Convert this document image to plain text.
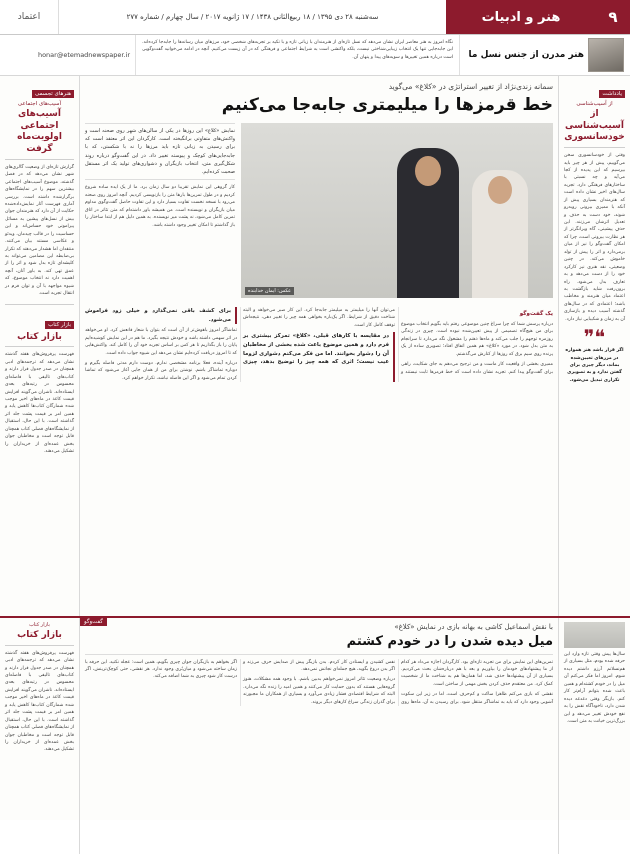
۹
هنر و ادبیات
سه‌شنبه ۲۸ دی ۱۳۹۵ / ۱۸ ربیع‌الثانی ۱۴۳۸ / ۱۷ ژانویه ۲۰۱۷ / سال چهارم / شماره ۲۷۷
اعتماد
هنر مدرن از جنس نسل ما
نگاه امروز به هنر معاصر ایران نشان می‌دهد که نسل تازه‌ای از هنرمندان با زبانی تازه و با تکیه بر تجربه‌های شخصی خود، مرزهای میان رسانه‌ها را جابه‌جا کرده‌اند. این جابه‌جایی تنها یک انتخاب زیبایی‌شناختی نیست، بلکه واکنشی است به شرایط اجتماعی و فرهنگی که در آن زیست می‌کنیم. آنچه در ادامه می‌خوانید گفت‌وگویی است درباره همین تغییرها و سویه‌های پیدا و پنهان آن.
honar@etemadnewspaper.ir
یادداشت
از آسیب‌شناسی
از آسیب‌شناسی خودسانسوری
وقتی از خودسانسوری سخن می‌گوییم، پیش از هر چیز باید بپرسیم که این پدیده از کجا می‌آید و چه نسبتی با ساختارهای فرهنگی دارد. تجربه سال‌های اخیر نشان داده است که هنرمندان بسیاری پیش از آنکه با ممیزی بیرونی روبه‌رو شوند، خود دست به حذف و تعدیل اثرشان می‌زنند. این حذفِ پیشینی، گاه ویرانگرتر از هر نظارت بیرونی است، چرا که امکان گفت‌وگو را نیز از میان برمی‌دارد و اثر را پیش از تولد خاموش می‌کند. در چنین وضعیتی، نقد هنری نیز کارکرد خود را از دست می‌دهد و به تعارف بدل می‌شود. راه برون‌رفت شاید بازگشت به اعتماد میان هنرمند و مخاطب باشد؛ اعتمادی که در سال‌های گذشته آسیب دیده و بازسازی آن به زمان و شکیبایی نیاز دارد.
❝❞
اگر قرار باشد هنر همواره در مرزهای تعیین‌شده بماند، دیگر چیزی برای گفتن ندارد و به تصویری تکراری تبدیل می‌شود.
سمانه زندی‌نژاد از تغییر استراتژی در «کلاغ» می‌گوید
خط قرمزها را میلیمتری جابه‌جا می‌کنیم
عکس: ایمان خدابنده
نمایش «کلاغ» این روزها در یکی از سالن‌های شهر روی صحنه است و واکنش‌های متفاوتی برانگیخته است. کارگردان این اثر معتقد است که برای رسیدن به زبانی تازه باید مرزها را نه با شکستن، که با جابه‌جایی‌های کوچک و پیوسته تغییر داد. در این گفت‌وگو درباره روند شکل‌گیری متن، انتخاب بازیگران و دشواری‌های تولید یک اثر مستقل صحبت کرده‌ایم.
کار گروهی این نمایش تقریبا دو سال زمان برد. ما از یک ایده ساده شروع کردیم و در طول تمرین‌ها بارها متن را بازنویسی کردیم. آنچه امروز روی صحنه می‌رود با نسخه نخست تفاوت بسیار دارد و این تفاوت حاصل گفت‌وگوی مداوم میان بازیگران و نویسنده است. من همیشه باور داشته‌ام که متن تئاتر در اتاق تمرین کامل می‌شود، نه پشت میز نویسنده. به همین دلیل هم از ابتدا ساختار را باز گذاشتم تا امکان تغییر وجود داشته باشد.
یک گفت‌وگو

درباره پرسش شما که چرا سراغ چنین موضوعی رفتم باید بگویم انتخاب موضوع برای من هیچ‌گاه تصمیمی از پیش تعیین‌شده نبوده است. چیزی در زندگی روزمره توجهم را جلب می‌کند و ماه‌ها ذهنم را مشغول نگه می‌دارد تا سرانجام به متن بدل شود. در مورد «کلاغ» هم همین اتفاق افتاد؛ تصویری ساده از یک پرنده روی سیم برق که روزها از کنارش می‌گذشتم.

ممیزی بخشی از واقعیت کار ماست و من ترجیح می‌دهم به جای شکایت، راهی برای گفت‌وگو پیدا کنم. تجربه نشان داده است که خط قرمزها ثابت نیستند و می‌توان آنها را میلیمتر به میلیمتر جابه‌جا کرد. این کار صبر می‌خواهد و البته شناخت دقیق از شرایط. اگر یک‌باره بخواهی همه چیز را تغییر دهی، نتیجه‌اش توقف کامل کار است.

در مقایسه با کارهای قبلی، «کلاغ» تمرکز بیشتری بر فرم دارد و همین موضوع باعث شده بخشی از مخاطبان آن را دشوار بخوانند. اما من فکر می‌کنم دشواری لزوما عیب نیست؛ اثری که همه چیز را توضیح بدهد، چیزی برای کشف باقی نمی‌گذارد و خیلی زود فراموش می‌شود.

تماشاگر امروز باهوش‌تر از آن است که بتوان با شعار قانعش کرد. او می‌خواهد در اثر سهمی داشته باشد و خودش نتیجه بگیرد. ما هم در این نمایش کوشیده‌ایم پایان را باز بگذاریم تا هر کس بر اساس تجربه خود آن را کامل کند. واکنش‌هایی که تا امروز دریافت کرده‌ایم نشان می‌دهد این شیوه جواب داده است.

درباره آینده، فعلا برنامه مشخصی ندارم. دوست دارم مدتی فاصله بگیرم و دوباره تماشاگر باشم. نوشتن برای من از همان جایی آغاز می‌شود که تماشا کردن تمام می‌شود و اگر این فاصله نباشد، تکرار خواهم کرد.

هنرهای تجسمی
آسیب‌های اجتماعی
آسیب‌های اجتماعی اولویت‌ماه گرفت
گزارش تازه‌ای از وضعیت گالری‌های شهر نشان می‌دهد که در فصل گذشته، موضوع آسیب‌های اجتماعی بیشترین سهم را در نمایشگاه‌های برگزارشده داشته است. بررسی آماری فهرست آثار نمایش‌داده‌شده حکایت از آن دارد که هنرمندان جوان بیش از نسل‌های پیشین به مسائل پیرامونی خود حساس‌اند و این حساسیت را در قالب چیدمان، ویدئو و عکاسی مستند بیان می‌کنند. منتقدان اما هشدار می‌دهند که تکرار بی‌ضابطه این مضامین می‌تواند به کلیشه‌ای تازه بدل شود و اثر را از عمق تهی کند. به باور آنان، آنچه اهمیت دارد نه انتخاب موضوع، که شیوه مواجهه با آن و توان فرم در انتقال تجربه است.
بازار کتاب
بازار کتاب
فهرست پرفروش‌های هفته گذشته نشان می‌دهد که ترجمه‌های ادبی همچنان در صدر جدول قرار دارند و کتاب‌های تالیفی با فاصله‌ای محسوس در رتبه‌های بعدی ایستاده‌اند. ناشران می‌گویند افزایش قیمت کاغذ در ماه‌های اخیر موجب شده شمارگان کتاب‌ها کاهش یابد و همین امر بر قیمت پشت جلد اثر گذاشته است. با این حال، استقبال از نمایشگاه‌های فصلی کتاب همچنان قابل توجه است و مخاطبان جوان بخش عمده‌ای از خریداران را تشکیل می‌دهند.
سال‌ها پیش وقتی تازه وارد این حرفه شده بودم، مثل بسیاری از هم‌نسلانم آرزو داشتم دیده شوم. امروز اما فکر می‌کنم آن میل را در خودم کشته‌ام و همین باعث شده بتوانم آرام‌تر کار کنم. بازیگر وقتی دغدغه دیده شدن دارد، ناخودآگاه نقش را به نفع خودش تغییر می‌دهد و این بزرگ‌ترین خیانت به متن است.
گفت‌وگو
با نقش اسماعیل کاشی به بهانه بازی در نمایش «کلاغ»
میل دیده شدن را در خودم کشتم

تمرین‌های این نمایش برای من تجربه تازه‌ای بود. کارگردان اجازه می‌داد هر کدام از ما پیشنهادهای خودمان را بیاوریم و بعد با هم درباره‌شان بحث می‌کردیم. بسیاری از آن پیشنهادها حذف شد، اما همان‌ها هم به شناخت ما از شخصیت کمک کرد. من معتقدم حذف کردن بخش مهمی از ساختن است.

نقشی که بازی می‌کنم ظاهرا ساکت و کم‌حرف است، اما در زیر این سکوت آشوبی وجود دارد که باید به تماشاگر منتقل شود. برای رسیدن به آن، ماه‌ها روی نفس کشیدن و ایستادن کار کردم. بدن بازیگر پیش از صدایش حرف می‌زند و اگر بدن دروغ بگوید، هیچ جمله‌ای نجاتش نمی‌دهد.

درباره وضعیت تئاتر امروز نمی‌خواهم بدبین باشم. با وجود همه مشکلات، هنوز گروه‌هایی هستند که بدون حمایت کار می‌کنند و همین امید را زنده نگه می‌دارد. البته که شرایط اقتصادی فشار زیادی می‌آورد و بسیاری از همکاران ما مجبورند برای گذران زندگی سراغ کارهای دیگر بروند.

اگر بخواهم به بازیگران جوان چیزی بگویم، همین است: عجله نکنید. این حرفه با زمان ساخته می‌شود و میان‌بُری وجود ندارد. هر نقشی، حتی کوچک‌ترینش، اگر درست کار شود چیزی به شما اضافه می‌کند.

بازار کتاب
بازار کتاب
فهرست پرفروش‌های هفته گذشته نشان می‌دهد که ترجمه‌های ادبی همچنان در صدر جدول قرار دارند و کتاب‌های تالیفی با فاصله‌ای محسوس در رتبه‌های بعدی ایستاده‌اند. ناشران می‌گویند افزایش قیمت کاغذ در ماه‌های اخیر موجب شده شمارگان کتاب‌ها کاهش یابد و همین امر بر قیمت پشت جلد اثر گذاشته است. با این حال، استقبال از نمایشگاه‌های فصلی کتاب همچنان قابل توجه است و مخاطبان جوان بخش عمده‌ای از خریداران را تشکیل می‌دهند.
